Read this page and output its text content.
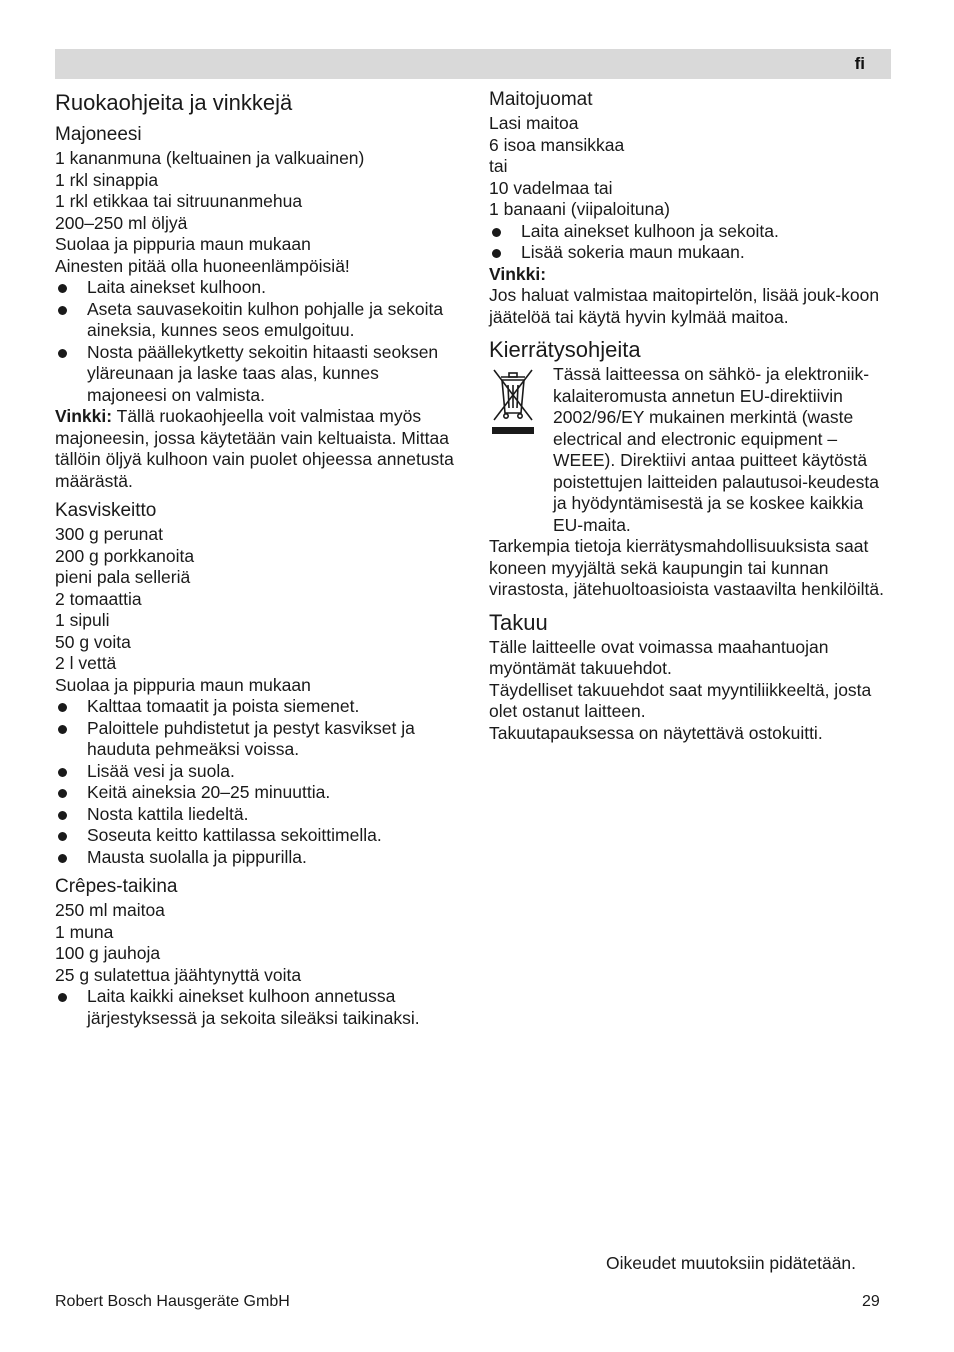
fi
Ruokaohjeita ja vinkkejä
Majoneesi
1 kananmuna (keltuainen ja valkuainen)
1 rkl sinappia
1 rkl etikkaa tai sitruunanmehua
200–250 ml öljyä
Suolaa ja pippuria maun mukaan
Ainesten pitää olla huoneenlämpöisiä!
Laita ainekset kulhoon.
Aseta sauvasekoitin kulhon pohjalle ja sekoita aineksia, kunnes seos emulgoituu.
Nosta päällekytketty sekoitin hitaasti seoksen yläreunaan ja laske taas alas, kunnes majoneesi on valmista.
Vinkki: Tällä ruokaohjeella voit valmistaa myös majoneesin, jossa käytetään vain keltuaista. Mittaa tällöin öljyä kulhoon vain puolet ohjeessa annetusta määrästä.
Kasviskeitto
300 g perunat
200 g porkkanoita
pieni pala selleriä
2 tomaattia
1 sipuli
50 g voita
2 l vettä
Suolaa ja pippuria maun mukaan
Kalttaa tomaatit ja poista siemenet.
Paloittele puhdistetut ja pestyt kasvikset ja hauduta pehmeäksi voissa.
Lisää vesi ja suola.
Keitä aineksia 20–25 minuuttia.
Nosta kattila liedeltä.
Soseuta keitto kattilassa sekoittimella.
Mausta suolalla ja pippurilla.
Crêpes-taikina
250 ml maitoa
1 muna
100 g jauhoja
25 g sulatettua jäähtynyttä voita
Laita kaikki ainekset kulhoon annetussa järjestyksessä ja sekoita sileäksi taikinaksi.
Maitojuomat
Lasi maitoa
6 isoa mansikkaa
tai
10 vadelmaa tai
1 banaani (viipaloituna)
Laita ainekset kulhoon ja sekoita.
Lisää sokeria maun mukaan.
Vinkki:
Jos haluat valmistaa maitopirtelön, lisää jouk-koon jäätelöä tai käytä hyvin kylmää maitoa.
Kierrätysohjeita
Tässä laitteessa on sähkö- ja elektroniik-kalaiteromusta annetun EU-direktiivin 2002/96/EY mukainen merkintä (waste electrical and electronic equipment – WEEE). Direktiivi antaa puitteet käytöstä poistettujen laitteiden palautusoi-keudesta ja hyödyntämisestä ja se koskee kaikkia EU-maita.
Tarkempia tietoja kierrätysmahdollisuuksista saat koneen myyjältä sekä kaupungin tai kunnan virastosta, jätehuoltoasioista vastaavilta henkilöiltä.
Takuu
Tälle laitteelle ovat voimassa maahantuojan myöntämät takuuehdot.
Täydelliset takuuehdot saat myyntiliikkeeltä, josta olet ostanut laitteen.
Takuutapauksessa on näytettävä ostokuitti.
Oikeudet muutoksiin pidätetään.
Robert Bosch Hausgeräte GmbH	29
